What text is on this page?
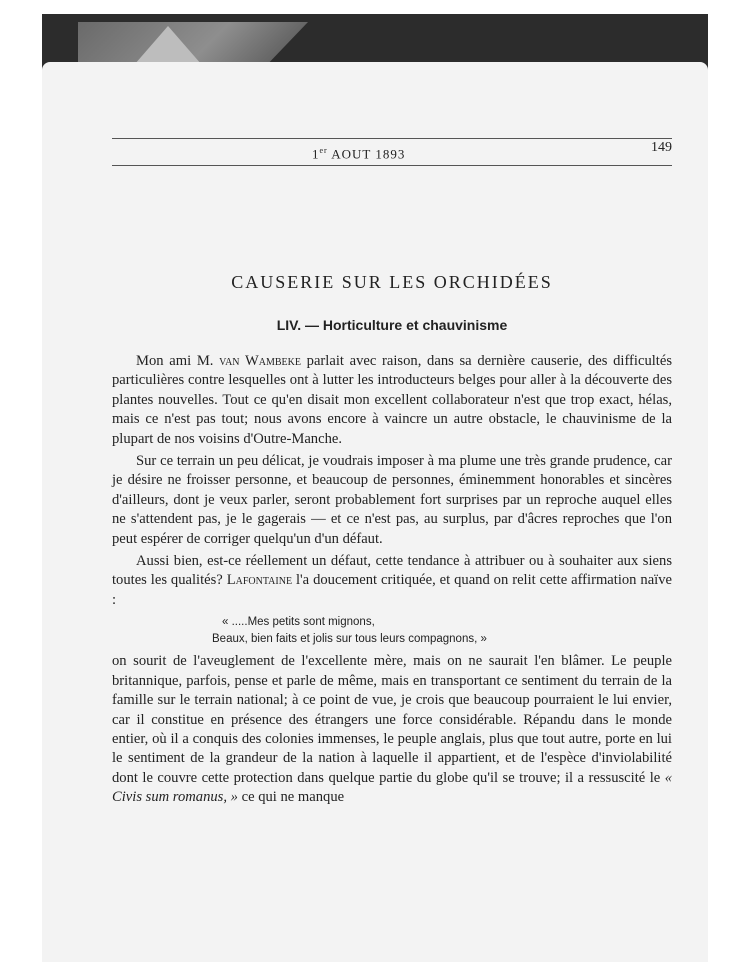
1er AOUT 1893	149
CAUSERIE SUR LES ORCHIDÉES
LIV. — Horticulture et chauvinisme

Mon ami M. van Wambeke parlait avec raison, dans sa dernière causerie, des difficultés particulières contre lesquelles ont à lutter les introducteurs belges pour aller à la découverte des plantes nouvelles. Tout ce qu'en disait mon excellent collaborateur n'est que trop exact, hélas, mais ce n'est pas tout; nous avons encore à vaincre un autre obstacle, le chauvinisme de la plupart de nos voisins d'Outre-Manche.

Sur ce terrain un peu délicat, je voudrais imposer à ma plume une très grande prudence, car je désire ne froisser personne, et beaucoup de personnes, éminemment honorables et sincères d'ailleurs, dont je veux parler, seront probablement fort surprises par un reproche auquel elles ne s'attendent pas, je le gagerais — et ce n'est pas, au surplus, par d'âcres reproches que l'on peut espérer de corriger quelqu'un d'un défaut.

Aussi bien, est-ce réellement un défaut, cette tendance à attribuer ou à souhaiter aux siens toutes les qualités? Lafontaine l'a doucement critiquée, et quand on relit cette affirmation naïve :

« .....Mes petits sont mignons,
Beaux, bien faits et jolis sur tous leurs compagnons, »

on sourit de l'aveuglement de l'excellente mère, mais on ne saurait l'en blâmer. Le peuple britannique, parfois, pense et parle de même, mais en transportant ce sentiment du terrain de la famille sur le terrain national; à ce point de vue, je crois que beaucoup pourraient le lui envier, car il constitue en présence des étrangers une force considérable. Répandu dans le monde entier, où il a conquis des colonies immenses, le peuple anglais, plus que tout autre, porte en lui le sentiment de la grandeur de la nation à laquelle il appartient, et de l'espèce d'inviolabilité dont le couvre cette protection dans quelque partie du globe qu'il se trouve; il a ressuscité le « Civis sum romanus, » ce qui ne manque
